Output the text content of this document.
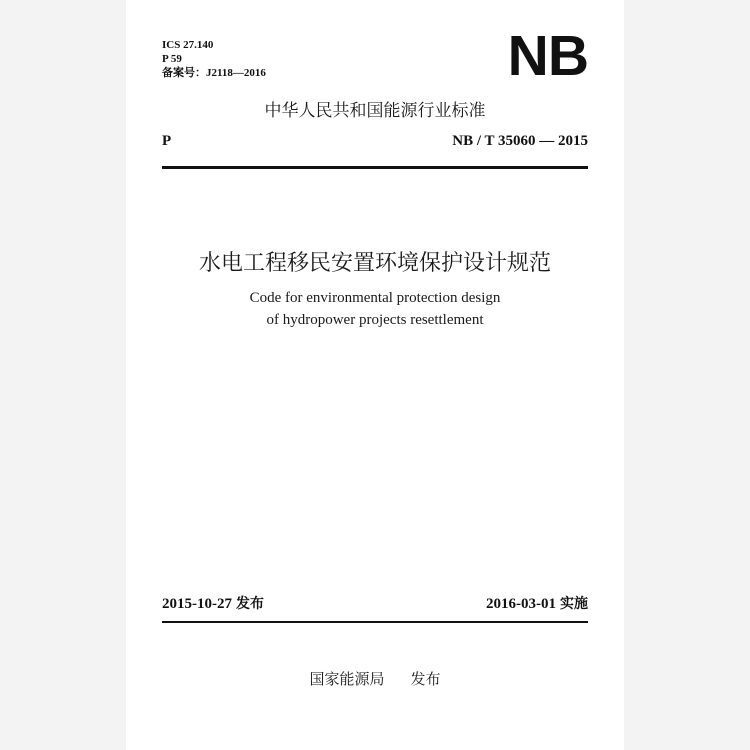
ICS 27.140
P 59
备案号：J2118—2016	NB
中华人民共和国能源行业标准
P	NB / T 35060 — 2015
水电工程移民安置环境保护设计规范
Code for environmental protection design
of hydropower projects resettlement
2015-10-27 发布	2016-03-01 实施
国家能源局 发布
